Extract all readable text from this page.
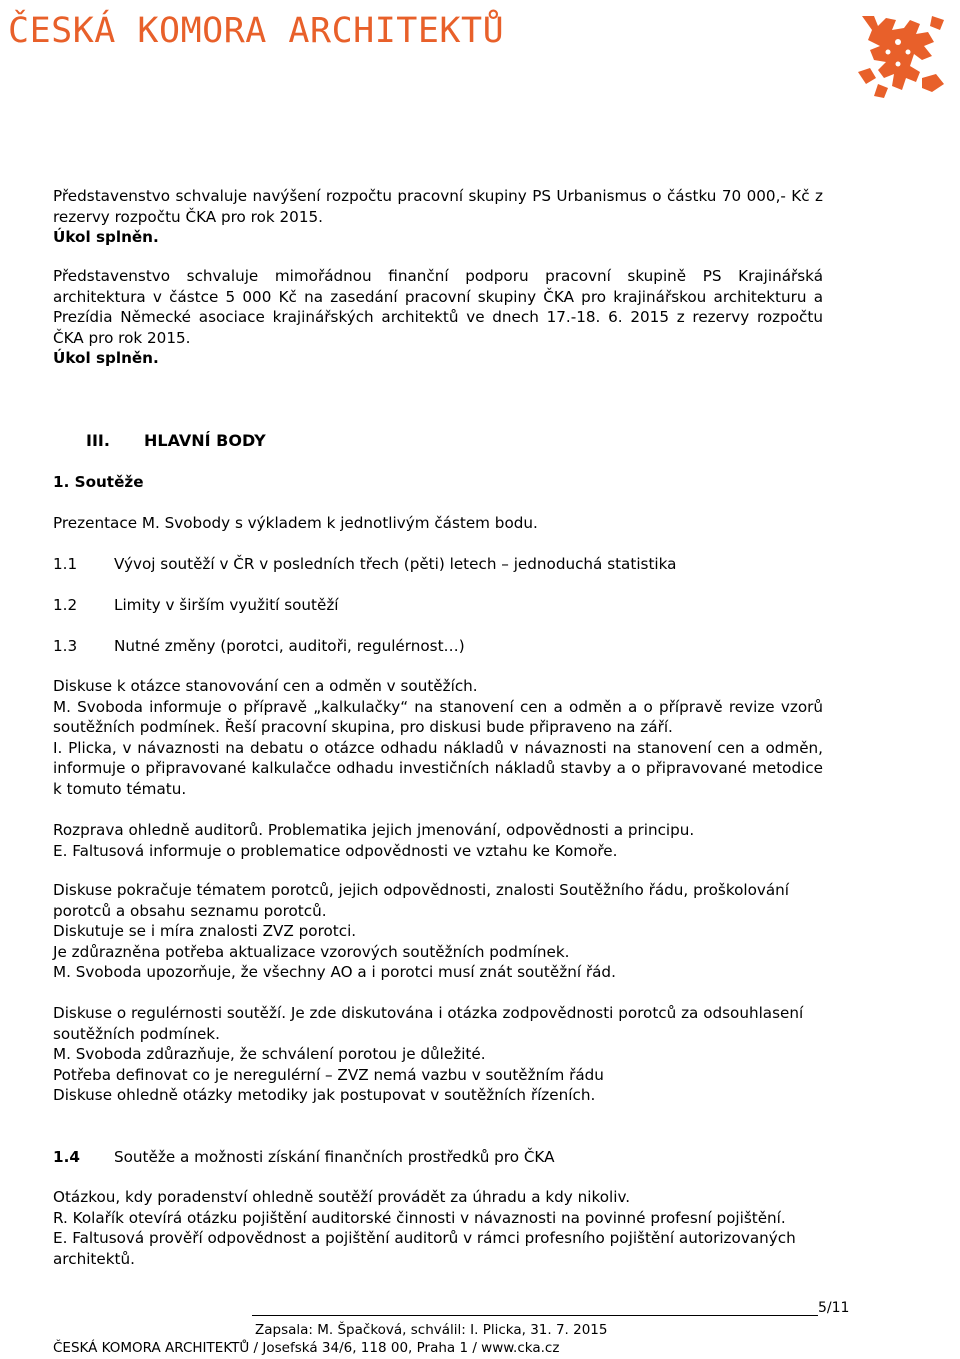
ČESKÁ KOMORA ARCHITEKTŮ
Představenstvo schvaluje navýšení rozpočtu pracovní skupiny PS Urbanismus o částku 70 000,- Kč z rezervy rozpočtu ČKA pro rok 2015.
Úkol splněn.
Představenstvo schvaluje mimořádnou finanční podporu pracovní skupině PS Krajinářská architektura v částce 5 000 Kč na zasedání pracovní skupiny ČKA pro krajinářskou architekturu a Prezídia Německé asociace krajinářských architektů ve dnech 17.-18. 6. 2015 z rezervy rozpočtu ČKA pro rok 2015.
Úkol splněn.
III. HLAVNÍ BODY
1. Soutěže
Prezentace M. Svobody s výkladem k jednotlivým částem bodu.
1.1 Vývoj soutěží v ČR v posledních třech (pěti) letech – jednoduchá statistika
1.2 Limity v širším využití soutěží
1.3 Nutné změny (porotci, auditoři, regulérnost…)
Diskuse k otázce stanovování cen a odměn v soutěžích.
M. Svoboda informuje o přípravě „kalkulačky“ na stanovení cen a odměn a o přípravě revize vzorů soutěžních podmínek. Řeší pracovní skupina, pro diskusi bude připraveno na září.
I. Plicka, v návaznosti na debatu o otázce odhadu nákladů v návaznosti na stanovení cen a odměn, informuje o připravované kalkulačce odhadu investičních nákladů stavby a o připravované metodice k tomuto tématu.
Rozprava ohledně auditorů. Problematika jejich jmenování, odpovědnosti a principu.
E. Faltusová informuje o problematice odpovědnosti ve vztahu ke Komoře.
Diskuse pokračuje tématem porotců, jejich odpovědnosti, znalosti Soutěžního řádu, proškolování porotců a obsahu seznamu porotců.
Diskutuje se i míra znalosti ZVZ porotci.
Je zdůrazněna potřeba aktualizace vzorových soutěžních podmínek.
M. Svoboda upozorňuje, že všechny AO a i porotci musí znát soutěžní řád.
Diskuse o regulérnosti soutěží. Je zde diskutována i otázka zodpovědnosti porotců za odsouhlasení soutěžních podmínek.
M. Svoboda zdůrazňuje, že schválení porotou je důležité.
Potřeba definovat co je neregulérní – ZVZ nemá vazbu v soutěžním řádu
Diskuse ohledně otázky metodiky jak postupovat v soutěžních řízeních.
1.4 Soutěže a možnosti získání finančních prostředků pro ČKA
Otázkou, kdy poradenství ohledně soutěží provádět za úhradu a kdy nikoliv.
R. Kolařík otevírá otázku pojištění auditorské činnosti v návaznosti na povinné profesní pojištění.
E. Faltusová prověří odpovědnost a pojištění auditorů v rámci profesního pojištění autorizovaných architektů.
5/11
Zapsala: M. Špačková, schválil: I. Plicka, 31. 7. 2015
ČESKÁ KOMORA ARCHITEKTŮ / Josefská 34/6, 118 00, Praha 1 / www.cka.cz
